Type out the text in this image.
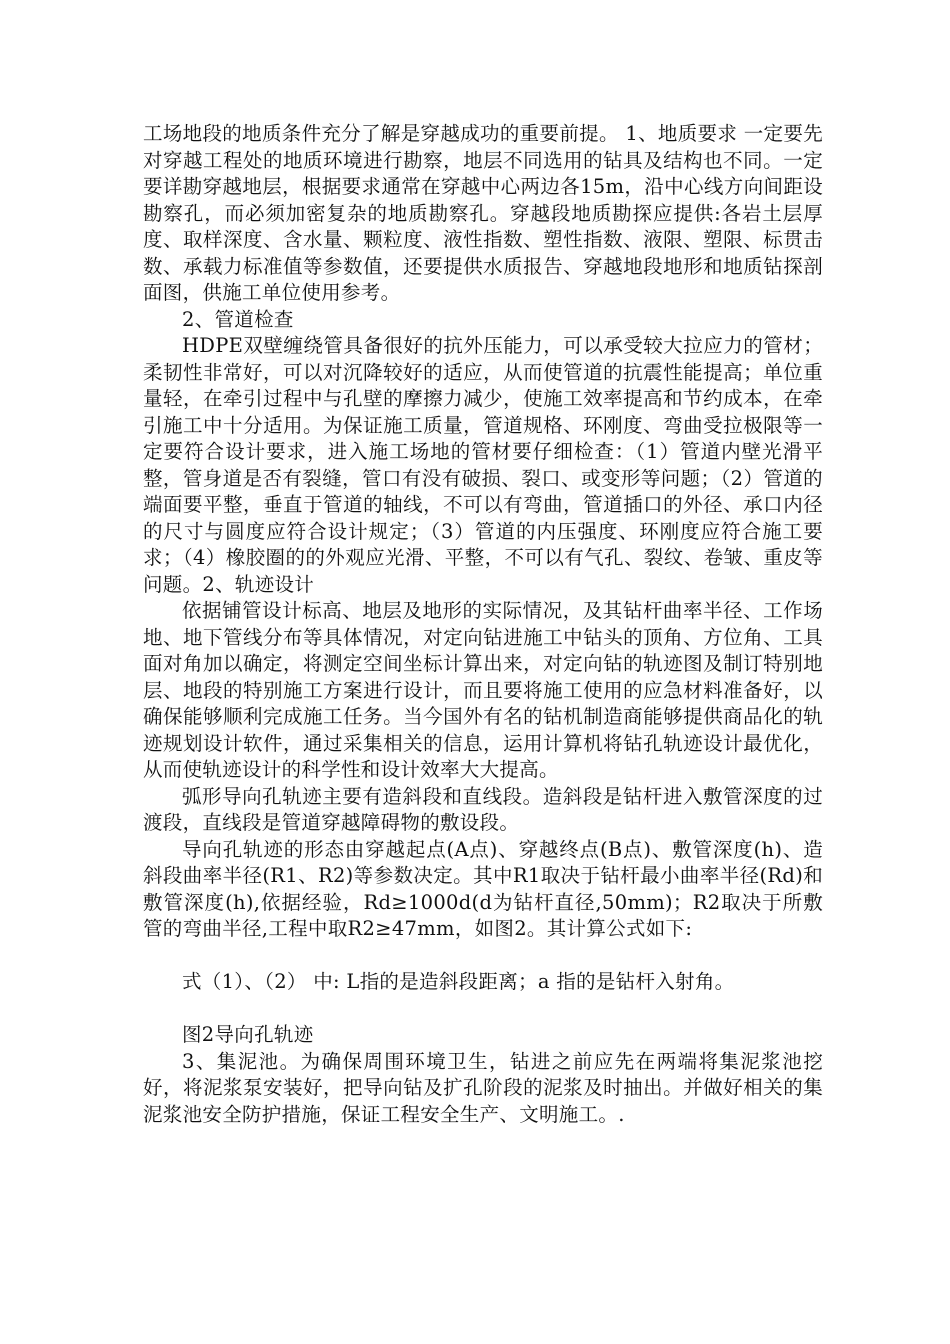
工场地段的地质条件充分了解是穿越成功的重要前提。 1、地质要求 一定要先对穿越工程处的地质环境进行勘察，地层不同选用的钻具及结构也不同。一定要详勘穿越地层，根据要求通常在穿越中心两边各15m，沿中心线方向间距设勘察孔，而必须加密复杂的地质勘察孔。穿越段地质勘探应提供:各岩土层厚度、取样深度、含水量、颗粒度、液性指数、塑性指数、液限、塑限、标贯击数、承载力标准值等参数值，还要提供水质报告、穿越地段地形和地质钻探剖面图，供施工单位使用参考。

2、管道检查

HDPE双壁缠绕管具备很好的抗外压能力，可以承受较大拉应力的管材；柔韧性非常好，可以对沉降较好的适应，从而使管道的抗震性能提高；单位重量轻，在牵引过程中与孔壁的摩擦力减少，使施工效率提高和节约成本，在牵引施工中十分适用。为保证施工质量，管道规格、环刚度、弯曲受拉极限等一定要符合设计要求，进入施工场地的管材要仔细检查：（1）管道内壁光滑平整，管身道是否有裂缝，管口有没有破损、裂口、或变形等问题；（2）管道的端面要平整，垂直于管道的轴线，不可以有弯曲，管道插口的外径、承口内径的尺寸与圆度应符合设计规定；（3）管道的内压强度、环刚度应符合施工要求；（4）橡胶圈的的外观应光滑、平整，不可以有气孔、裂纹、卷皱、重皮等问题。2、轨迹设计

依据铺管设计标高、地层及地形的实际情况，及其钻杆曲率半径、工作场地、地下管线分布等具体情况，对定向钻进施工中钻头的顶角、方位角、工具面对角加以确定，将测定空间坐标计算出来，对定向钻的轨迹图及制订特别地层、地段的特别施工方案进行设计，而且要将施工使用的应急材料准备好，以确保能够顺利完成施工任务。当今国外有名的钻机制造商能够提供商品化的轨迹规划设计软件，通过采集相关的信息，运用计算机将钻孔轨迹设计最优化，从而使轨迹设计的科学性和设计效率大大提高。

弧形导向孔轨迹主要有造斜段和直线段。造斜段是钻杆进入敷管深度的过渡段，直线段是管道穿越障碍物的敷设段。

导向孔轨迹的形态由穿越起点(A点)、穿越终点(B点)、敷管深度(h)、造斜段曲率半径(R1、R2)等参数决定。其中R1取决于钻杆最小曲率半径(Rd)和敷管深度(h),依据经验，Rd≥1000d(d为钻杆直径,50mm)；R2取决于所敷管的弯曲半径,工程中取R2≥47mm，如图2。其计算公式如下:

式（1）、（2） 中: L指的是造斜段距离；a 指的是钻杆入射角。

图2导向孔轨迹

3、集泥池。为确保周围环境卫生，钻进之前应先在两端将集泥浆池挖好，将泥浆泵安装好，把导向钻及扩孔阶段的泥浆及时抽出。并做好相关的集泥浆池安全防护措施，保证工程安全生产、文明施工。.
